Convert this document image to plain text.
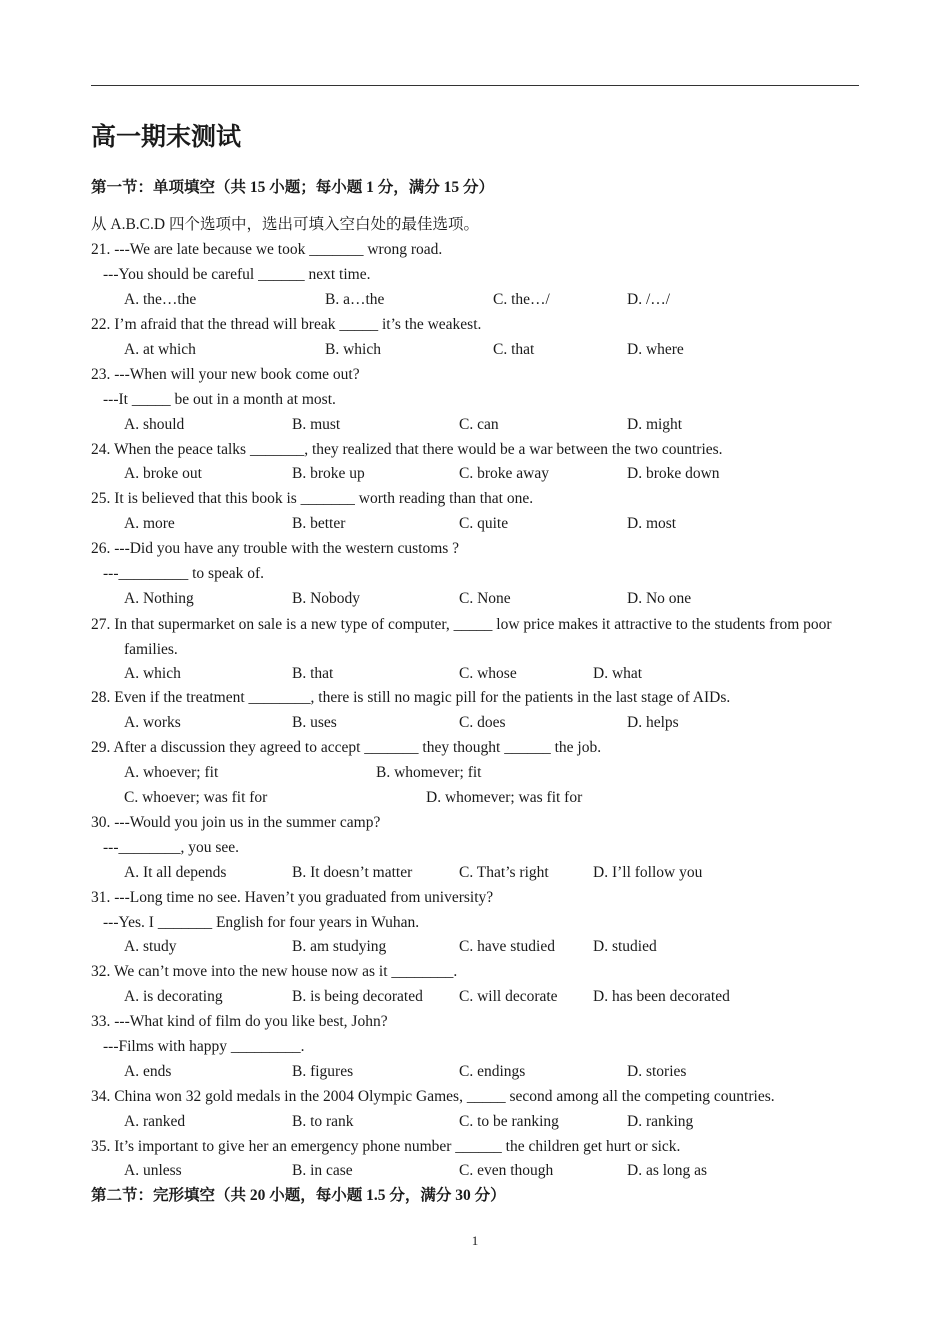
高一期末测试
第一节：单项填空（共 15 小题；每小题 1 分，满分 15 分）
从 A.B.C.D 四个选项中，选出可填入空白处的最佳选项。
21. ---We are late because we took _______ wrong road.
---You should be careful ______ next time.
A. the…the	B. a…the	C. the…/	D. /…/
22. I’m afraid that the thread will break _____ it’s the weakest.
A. at which	B. which	C. that	D. where
23. ---When will your new book come out?
---It _____ be out in a month at most.
A. should	B. must	C. can	D. might
24. When the peace talks _______, they realized that there would be a war between the two countries.
A. broke out	B. broke up	C. broke away	D. broke down
25. It is believed that this book is _______ worth reading than that one.
A. more	B. better	C. quite	D. most
26. ---Did you have any trouble with the western customs ?
---_________ to speak of.
A. Nothing	B. Nobody	C. None	D. No one
27. In that supermarket on sale is a new type of computer, _____ low price makes it attractive to the students from poor families.
A. which	B. that	C. whose	D. what
28. Even if the treatment ________, there is still no magic pill for the patients in the last stage of AIDs.
A. works	B. uses	C. does	D. helps
29. After a discussion they agreed to accept _______ they thought ______ the job.
A. whoever; fit	B. whomever; fit
C. whoever; was fit for	D. whomever; was fit for
30. ---Would you join us in the summer camp?
---________, you see.
A. It all depends	B. It doesn’t matter	C. That’s right	D. I’ll follow you
31. ---Long time no see. Haven’t you graduated from university?
---Yes. I _______ English for four years in Wuhan.
A. study	B. am studying	C. have studied D. studied
32. We can’t move into the new house now as it ________.
A. is decorating	B. is being decorated C. will decorate D. has been decorated
33. ---What kind of film do you like best, John?
---Films with happy _________.
A. ends	B. figures	C. endings	D. stories
34. China won 32 gold medals in the 2004 Olympic Games, _____ second among all the competing countries.
A. ranked	B. to rank	C. to be ranking	D. ranking
35. It’s important to give her an emergency phone number ______ the children get hurt or sick.
A. unless	B. in case	C. even though	D. as long as
第二节：完形填空（共 20 小题，每小题 1.5 分，满分 30 分）
1
